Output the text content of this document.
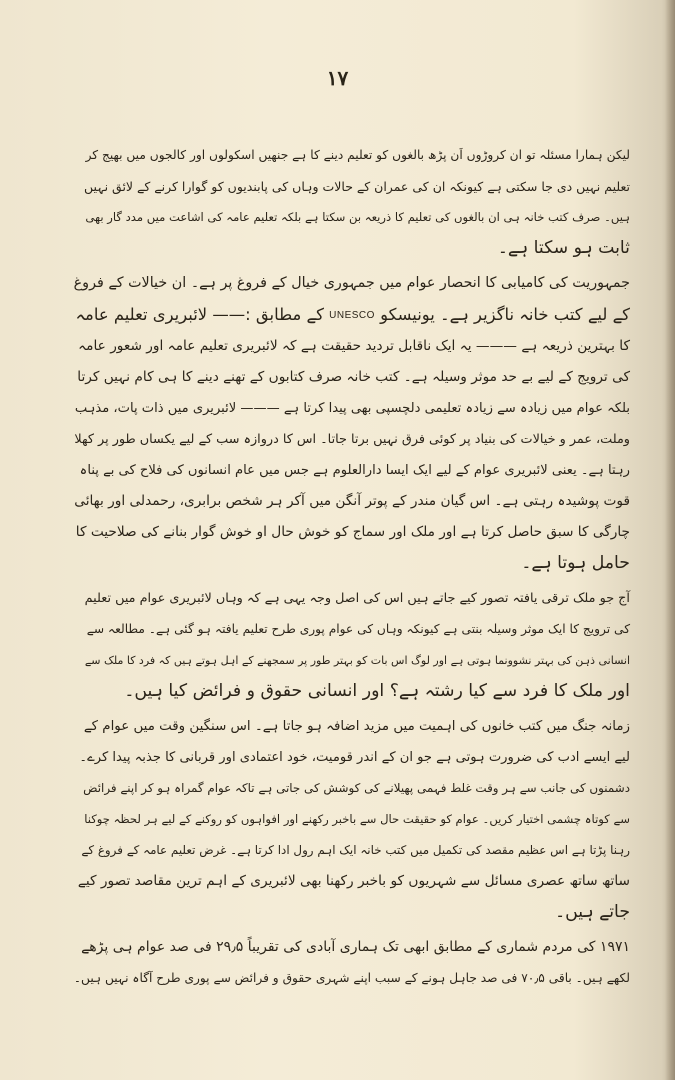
۱۷

لیکن ہمارا مسئلہ تو ان کروڑوں اَن پڑھ بالغوں کو تعلیم دینے کا ہے جنھیں اسکولوں اور کالجوں میں بھیج کر
تعلیم نہیں دی جا سکتی ہے کیونکہ ان کی عمران کے حالات وہاں کی پابندیوں کو گوارا کرنے کے لائق نہیں
ہیں۔ صرف کتب خانہ ہی ان بالغوں کی تعلیم کا ذریعہ بن سکتا ہے بلکہ تعلیم عامہ کی اشاعت میں مدد گار بھی
ثابت ہو سکتا ہے۔

جمہوریت کی کامیابی کا انحصار عوام میں جمہوری خیال کے فروغ پر ہے۔ ان خیالات کے فروغ
کے لیے کتب خانہ ناگزیر ہے۔ یونیسکو UNESCO کے مطابق :—— لائبریری تعلیم عامہ
کا بہترین ذریعہ ہے ——— یہ ایک ناقابل تردید حقیقت ہے کہ لائبریری تعلیم عامہ اور شعور عامہ
کی ترویج کے لیے بے حد موثر وسیلہ ہے۔ کتب خانہ صرف کتابوں کے تھنے دینے کا ہی کام نہیں کرتا
بلکہ عوام میں زیادہ سے زیادہ تعلیمی دلچسپی بھی پیدا کرتا ہے ——— لائبریری میں ذات پات، مذہب
وملت، عمر و خیالات کی بنیاد پر کوئی فرق نہیں برتا جاتا۔ اس کا دروازہ سب کے لیے یکساں طور پر کھلا
رہتا ہے۔ یعنی لائبریری عوام کے لیے ایک ایسا دارالعلوم ہے جس میں عام انسانوں کی فلاح کی بے پناہ
قوت پوشیدہ رہتی ہے۔ اس گیان مندر کے پوتر آنگن میں آکر ہر شخص برابری، رحمدلی اور بھائی
چارگی کا سبق حاصل کرتا ہے اور ملک اور سماج کو خوش حال او خوش گوار بنانے کی صلاحیت کا
حامل ہوتا ہے۔

آج جو ملک ترقی یافتہ تصور کیے جاتے ہیں اس کی اصل وجہ یہی ہے کہ وہاں لائبریری عوام میں تعلیم
کی ترویج کا ایک موثر وسیلہ بنتی ہے کیونکہ وہاں کی عوام پوری طرح تعلیم یافتہ ہو گئی ہے۔ مطالعہ سے
انسانی ذہن کی بہتر نشوونما ہوتی ہے اور لوگ اس بات کو بہتر طور پر سمجھنے کے اہل ہوتے ہیں کہ فرد کا ملک سے
اور ملک کا فرد سے کیا رشتہ ہے؟ اور انسانی حقوق و فرائض کیا ہیں۔

زمانہ جنگ میں کتب خانوں کی اہمیت میں مزید اضافہ ہو جاتا ہے۔ اس سنگین وقت میں عوام کے
لیے ایسے ادب کی ضرورت ہوتی ہے جو ان کے اندر قومیت، خود اعتمادی اور قربانی کا جذبہ پیدا کرے۔
دشمنوں کی جانب سے ہر وقت غلط فہمی پھیلانے کی کوشش کی جاتی ہے تاکہ عوام گمراہ ہو کر اپنے فرائض
سے کوتاہ چشمی اختیار کریں۔ عوام کو حقیقت حال سے باخبر رکھنے اور افواہوں کو روکنے کے لیے ہر لحظہ چوکنا
رہنا پڑتا ہے اس عظیم مقصد کی تکمیل میں کتب خانہ ایک اہم رول ادا کرتا ہے۔ غرض تعلیم عامہ کے فروغ کے
ساتھ ساتھ عصری مسائل سے شہریوں کو باخبر رکھنا بھی لائبریری کے اہم ترین مقاصد تصور کیے
جاتے ہیں۔

۱۹۷۱ کی مردم شماری کے مطابق ابھی تک ہماری آبادی کی تقریباً ۲۹٫۵ فی صد عوام ہی پڑھے
لکھے ہیں۔ باقی ۷۰٫۵ فی صد جاہل ہونے کے سبب اپنے شہری حقوق و فرائض سے پوری طرح آگاہ نہیں ہیں۔
